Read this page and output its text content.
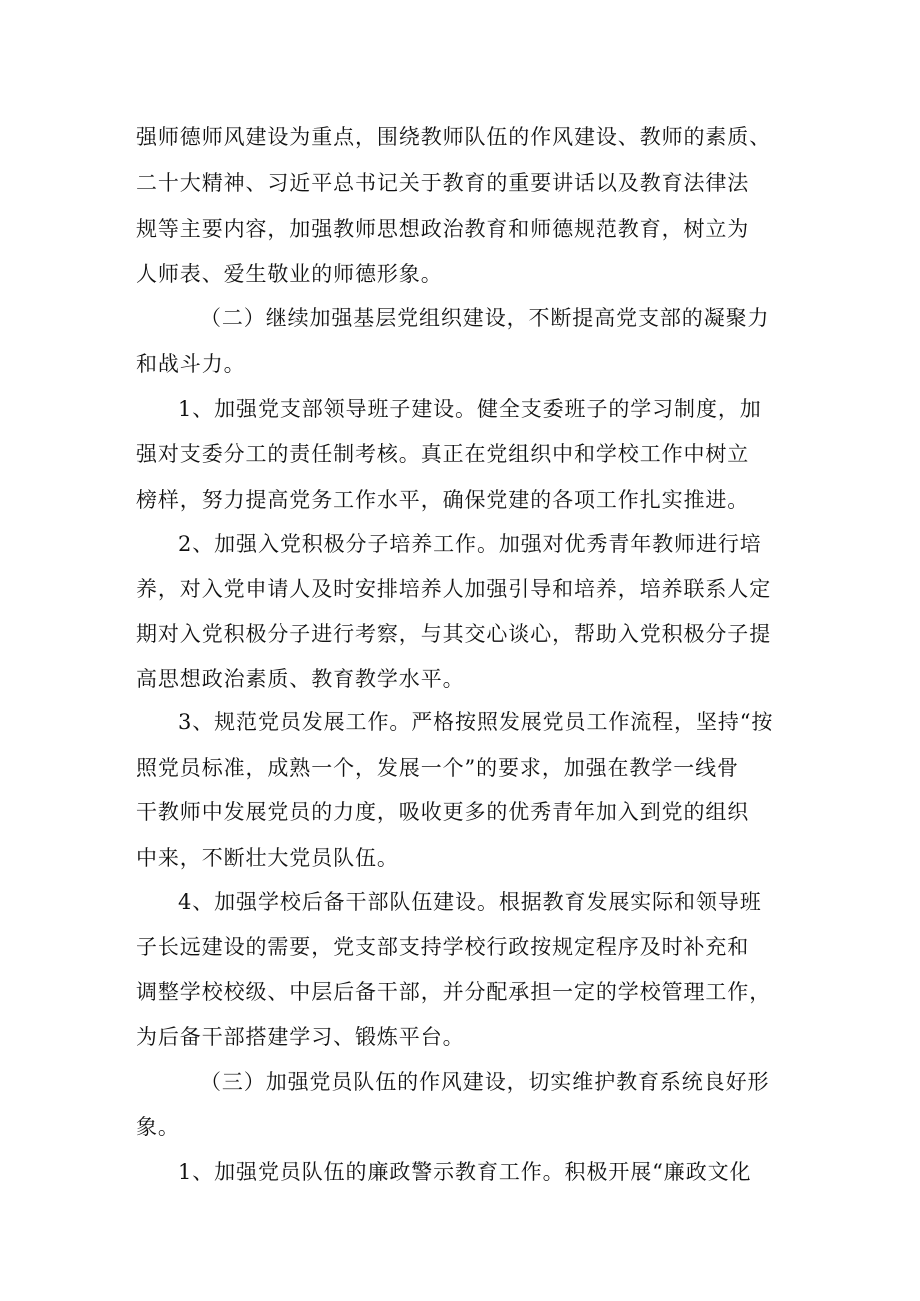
强师德师风建设为重点，围绕教师队伍的作风建设、教师的素质、
二十大精神、习近平总书记关于教育的重要讲话以及教育法律法
规等主要内容，加强教师思想政治教育和师德规范教育，树立为
人师表、爱生敬业的师德形象。
（二）继续加强基层党组织建设，不断提高党支部的凝聚力
和战斗力。
1、加强党支部领导班子建设。健全支委班子的学习制度，加
强对支委分工的责任制考核。真正在党组织中和学校工作中树立
榜样，努力提高党务工作水平，确保党建的各项工作扎实推进。
2、加强入党积极分子培养工作。加强对优秀青年教师进行培
养，对入党申请人及时安排培养人加强引导和培养，培养联系人定
期对入党积极分子进行考察，与其交心谈心，帮助入党积极分子提
高思想政治素质、教育教学水平。
3、规范党员发展工作。严格按照发展党员工作流程，坚持“按
照党员标准，成熟一个，发展一个”的要求，加强在教学一线骨
干教师中发展党员的力度，吸收更多的优秀青年加入到党的组织
中来，不断壮大党员队伍。
4、加强学校后备干部队伍建设。根据教育发展实际和领导班
子长远建设的需要，党支部支持学校行政按规定程序及时补充和
调整学校校级、中层后备干部，并分配承担一定的学校管理工作，
为后备干部搭建学习、锻炼平台。
（三）加强党员队伍的作风建设，切实维护教育系统良好形
象。
1、加强党员队伍的廉政警示教育工作。积极开展“廉政文化
